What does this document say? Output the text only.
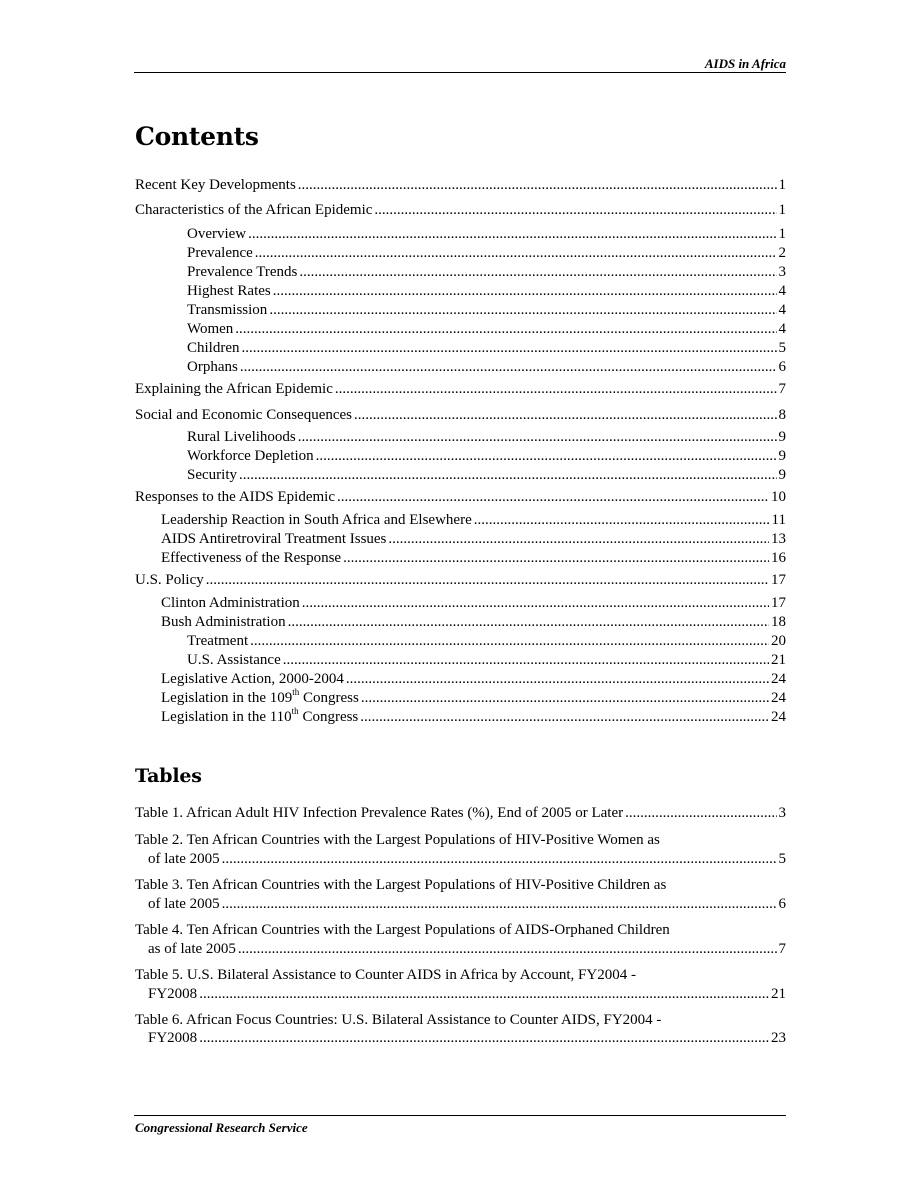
AIDS in Africa
Contents
Recent Key Developments .....	1
Characteristics of the African Epidemic .....	1
Overview .....	1
Prevalence .....	2
Prevalence Trends .....	3
Highest Rates .....	4
Transmission .....	4
Women .....	4
Children .....	5
Orphans .....	6
Explaining the African Epidemic .....	7
Social and Economic Consequences .....	8
Rural Livelihoods .....	9
Workforce Depletion .....	9
Security .....	9
Responses to the AIDS Epidemic .....	10
Leadership Reaction in South Africa and Elsewhere .....	11
AIDS Antiretroviral Treatment Issues .....	13
Effectiveness of the Response .....	16
U.S. Policy .....	17
Clinton Administration .....	17
Bush Administration .....	18
Treatment .....	20
U.S. Assistance .....	21
Legislative Action, 2000-2004 .....	24
Legislation in the 109th Congress .....	24
Legislation in the 110th Congress .....	24
Tables
Table 1. African Adult HIV Infection Prevalence Rates (%), End of 2005 or Later .....	3
Table 2. Ten African Countries with the Largest Populations of HIV-Positive Women as
of late 2005 .....	5
Table 3. Ten African Countries with the Largest Populations of HIV-Positive Children as
of late 2005 .....	6
Table 4. Ten African Countries with the Largest Populations of AIDS-Orphaned Children
as of late 2005 .....	7
Table 5. U.S. Bilateral Assistance to Counter AIDS in Africa by Account, FY2004 -
FY2008 .....	21
Table 6. African Focus Countries: U.S. Bilateral Assistance to Counter AIDS, FY2004 -
FY2008 .....	23
Congressional Research Service
